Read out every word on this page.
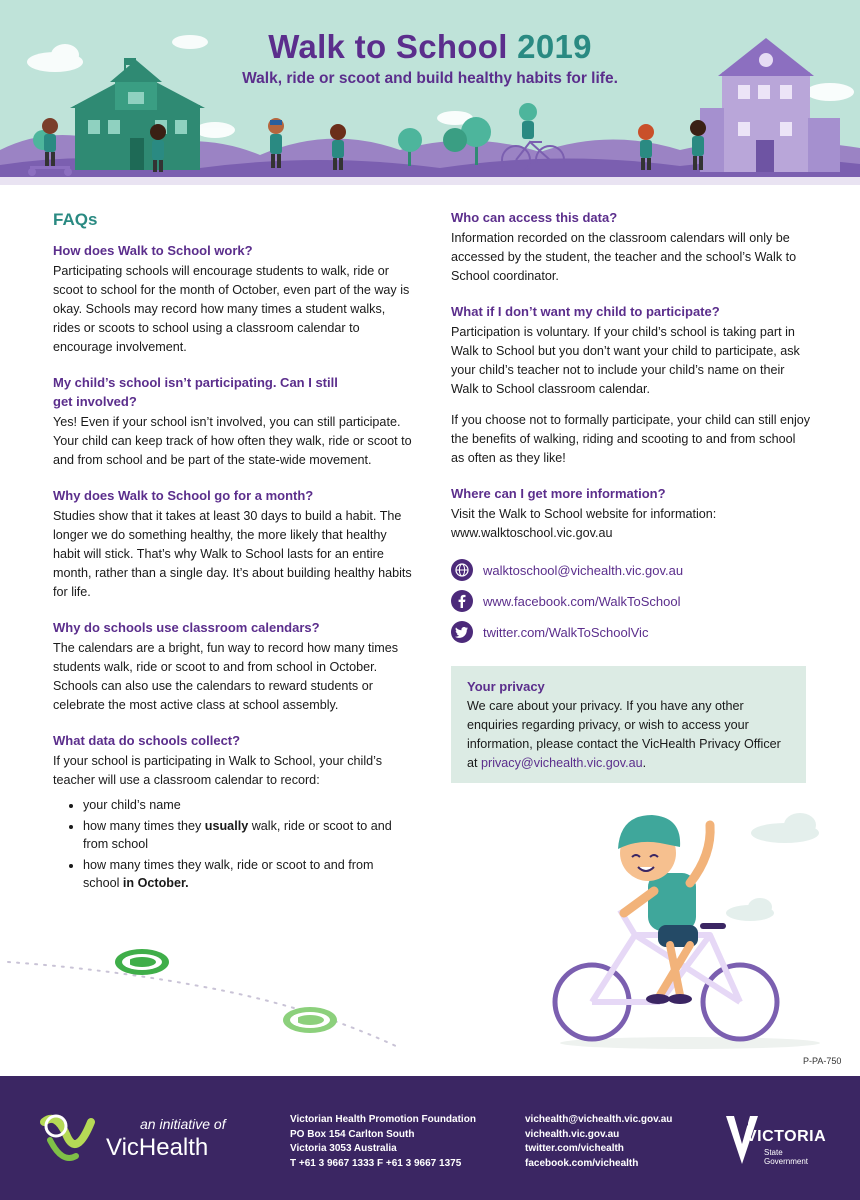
Walk to School 2019
Walk, ride or scoot and build healthy habits for life.
FAQs
How does Walk to School work?

Participating schools will encourage students to walk, ride or scoot to school for the month of October, even part of the way is okay. Schools may record how many times a student walks, rides or scoots to school using a classroom calendar to encourage involvement.

My child’s school isn’t participating. Can I still get involved?

Yes! Even if your school isn’t involved, you can still participate. Your child can keep track of how often they walk, ride or scoot to and from school and be part of the state-wide movement.

Why does Walk to School go for a month?

Studies show that it takes at least 30 days to build a habit. The longer we do something healthy, the more likely that healthy habit will stick. That’s why Walk to School lasts for an entire month, rather than a single day. It’s about building healthy habits for life.

Why do schools use classroom calendars?

The calendars are a bright, fun way to record how many times students walk, ride or scoot to and from school in October. Schools can also use the calendars to reward students or celebrate the most active class at school assembly.

What data do schools collect?

If your school is participating in Walk to School, your child’s teacher will use a classroom calendar to record:

• your child’s name
• how many times they usually walk, ride or scoot to and from school
• how many times they walk, ride or scoot to and from school in October.
Who can access this data?

Information recorded on the classroom calendars will only be accessed by the student, the teacher and the school’s Walk to School coordinator.

What if I don’t want my child to participate?

Participation is voluntary. If your child’s school is taking part in Walk to School but you don’t want your child to participate, ask your child’s teacher not to include your child’s name on their Walk to School classroom calendar.

If you choose not to formally participate, your child can still enjoy the benefits of walking, riding and scooting to and from school as often as they like!

Where can I get more information?

Visit the Walk to School website for information: www.walktoschool.vic.gov.au

walktoschool@vichealth.vic.gov.au
www.facebook.com/WalkToSchool
twitter.com/WalkToSchoolVic
Your privacy
We care about your privacy. If you have any other enquiries regarding privacy, or wish to access your information, please contact the VicHealth Privacy Officer at privacy@vichealth.vic.gov.au.
P-PA-750
an initiative of
VicHealth
Victorian Health Promotion Foundation
PO Box 154 Carlton South
Victoria 3053 Australia
T +61 3 9667 1333 F +61 3 9667 1375
vichealth@vichealth.vic.gov.au
vichealth.vic.gov.au
twitter.com/vichealth
facebook.com/vichealth
VICTORIA
State
Government
